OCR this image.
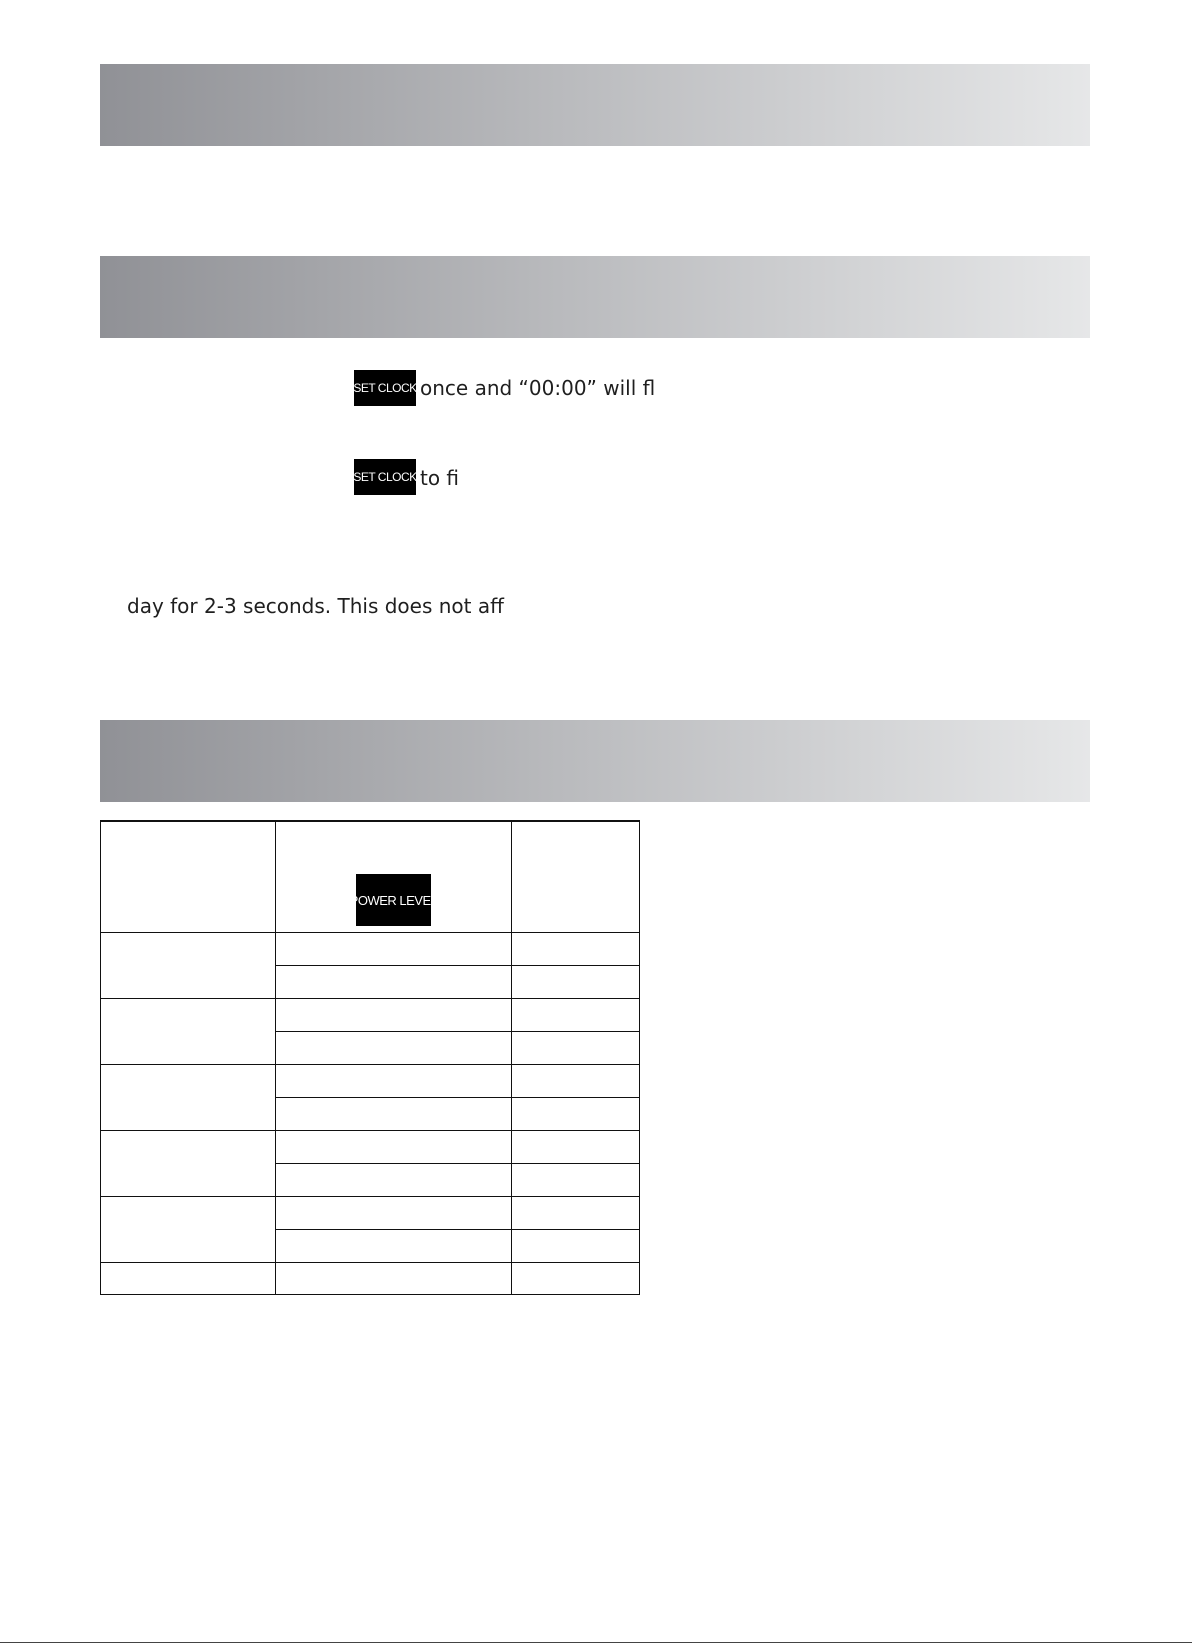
SET CLOCK once and “00:00” will fl
SET CLOCK to fi
day for 2-3 seconds. This does not aff
POWER LEVEL
